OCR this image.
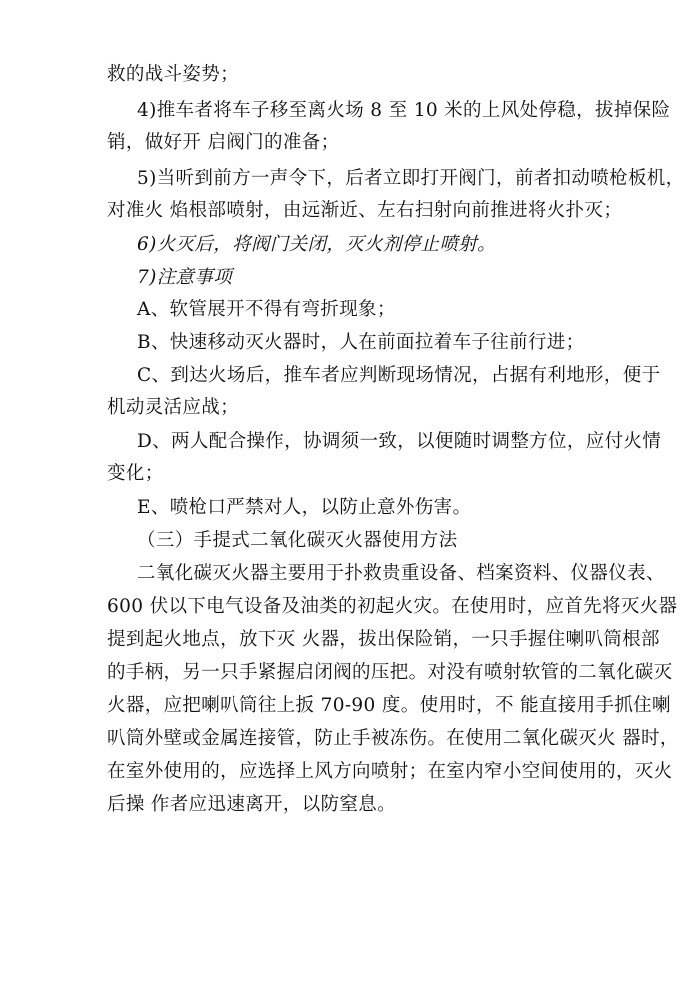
救的战斗姿势；
4)推车者将车子移至离火场 8 至 10 米的上风处停稳，拔掉保险
销，做好开 启阀门的准备；
5)当听到前方一声令下，后者立即打开阀门，前者扣动喷枪板机，
对准火 焰根部喷射，由远渐近、左右扫射向前推进将火扑灭；
6)火灭后，将阀门关闭，灭火剂停止喷射。
7)注意事项
A、软管展开不得有弯折现象；
B、快速移动灭火器时，人在前面拉着车子往前行进；
C、到达火场后，推车者应判断现场情况，占据有利地形，便于
机动灵活应战；
D、两人配合操作，协调须一致，以便随时调整方位，应付火情
变化；
E、喷枪口严禁对人，以防止意外伤害。
（三）手提式二氧化碳灭火器使用方法
二氧化碳灭火器主要用于扑救贵重设备、档案资料、仪器仪表、
600 伏以下电气设备及油类的初起火灾。在使用时，应首先将灭火器
提到起火地点，放下灭 火器，拔出保险销，一只手握住喇叭筒根部
的手柄，另一只手紧握启闭阀的压把。对没有喷射软管的二氧化碳灭
火器，应把喇叭筒往上扳 70-90 度。使用时，不 能直接用手抓住喇
叭筒外壁或金属连接管，防止手被冻伤。在使用二氧化碳灭火 器时，
在室外使用的，应选择上风方向喷射；在室内窄小空间使用的，灭火
后操 作者应迅速离开，以防窒息。
